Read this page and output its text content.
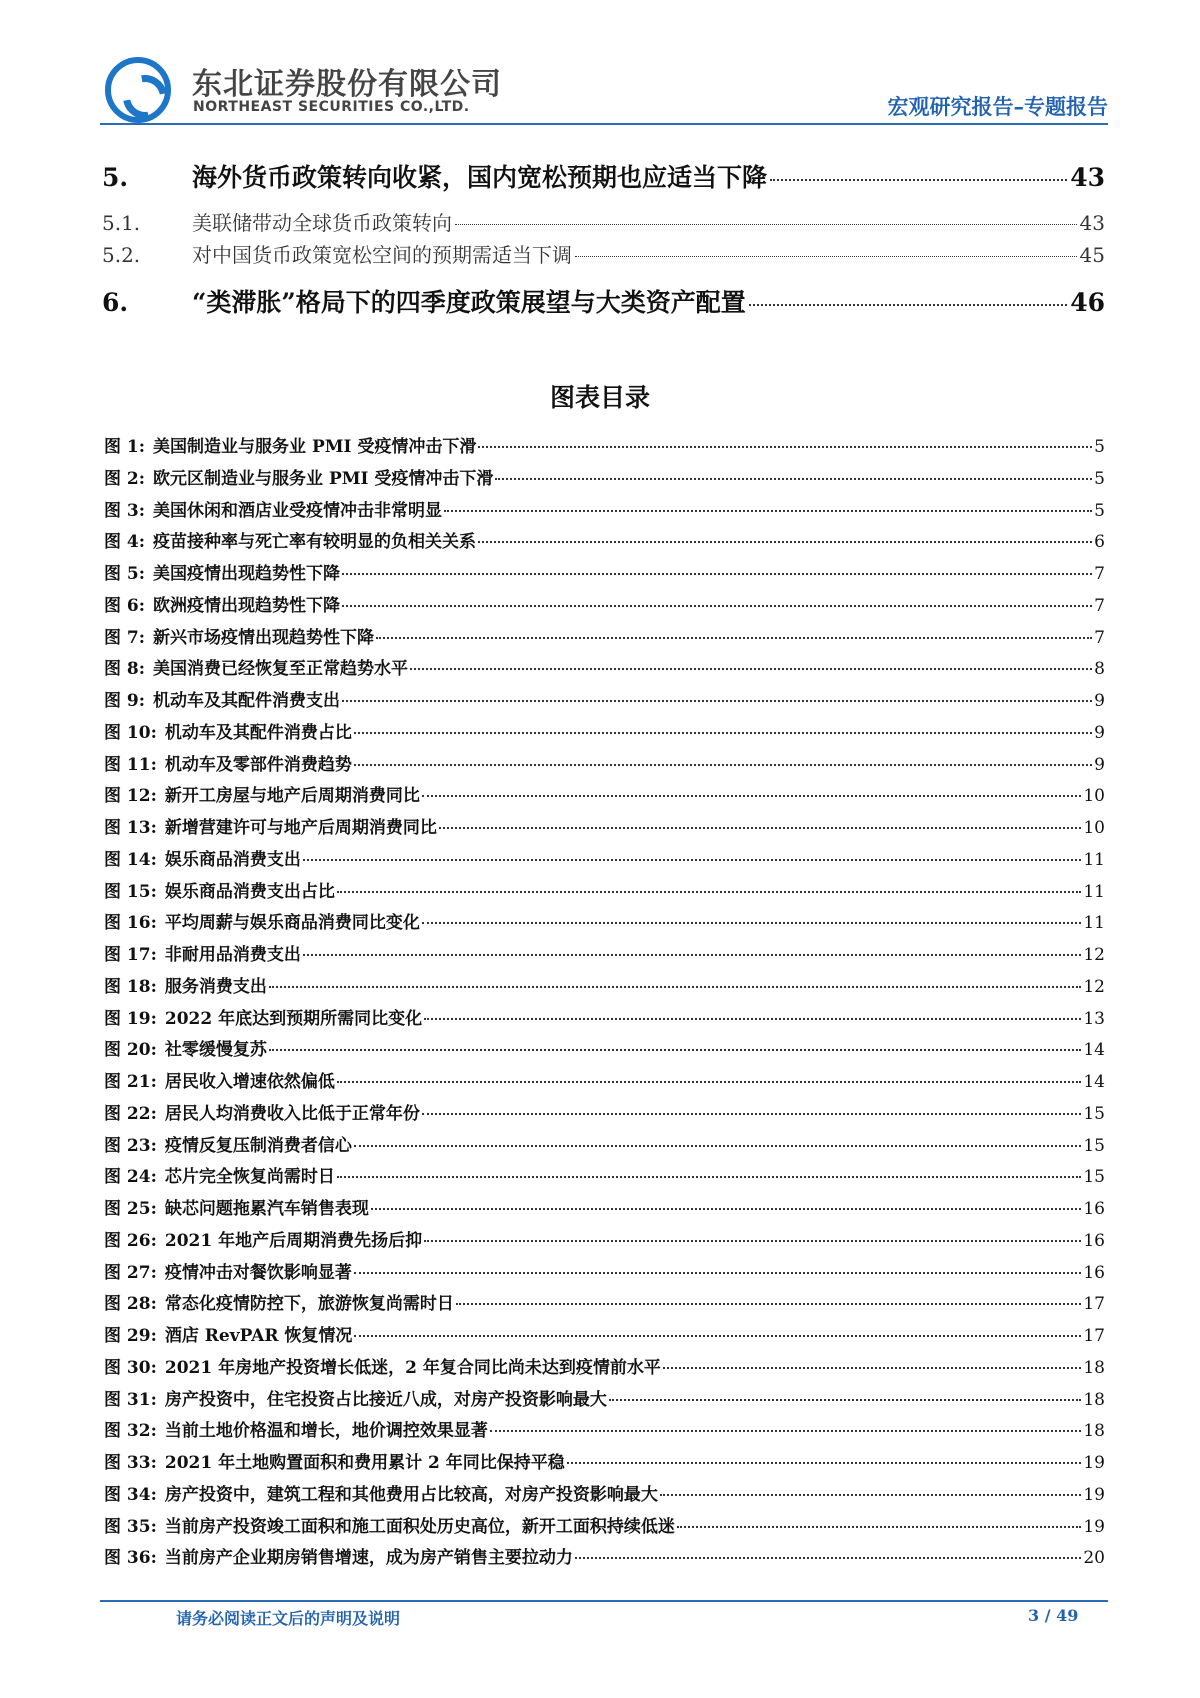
东北证券股份有限公司
NORTHEAST SECURITIES CO.,LTD.	宏观研究报告–专题报告
5.	海外货币政策转向收紧，国内宽松预期也应适当下降	43
5.1.	美联储带动全球货币政策转向	43
5.2.	对中国货币政策宽松空间的预期需适当下调	45
6.	“类滞胀”格局下的四季度政策展望与大类资产配置	46
图表目录
图 1: 美国制造业与服务业 PMI 受疫情冲击下滑	5
图 2: 欧元区制造业与服务业 PMI 受疫情冲击下滑	5
图 3: 美国休闲和酒店业受疫情冲击非常明显	5
图 4: 疫苗接种率与死亡率有较明显的负相关关系	6
图 5: 美国疫情出现趋势性下降	7
图 6: 欧洲疫情出现趋势性下降	7
图 7: 新兴市场疫情出现趋势性下降	7
图 8: 美国消费已经恢复至正常趋势水平	8
图 9: 机动车及其配件消费支出	9
图 10: 机动车及其配件消费占比	9
图 11: 机动车及零部件消费趋势	9
图 12: 新开工房屋与地产后周期消费同比	10
图 13: 新增营建许可与地产后周期消费同比	10
图 14: 娱乐商品消费支出	11
图 15: 娱乐商品消费支出占比	11
图 16: 平均周薪与娱乐商品消费同比变化	11
图 17: 非耐用品消费支出	12
图 18: 服务消费支出	12
图 19: 2022 年底达到预期所需同比变化	13
图 20: 社零缓慢复苏	14
图 21: 居民收入增速依然偏低	14
图 22: 居民人均消费收入比低于正常年份	15
图 23: 疫情反复压制消费者信心	15
图 24: 芯片完全恢复尚需时日	15
图 25: 缺芯问题拖累汽车销售表现	16
图 26: 2021 年地产后周期消费先扬后抑	16
图 27: 疫情冲击对餐饮影响显著	16
图 28: 常态化疫情防控下，旅游恢复尚需时日	17
图 29: 酒店 RevPAR 恢复情况	17
图 30: 2021 年房地产投资增长低迷，2 年复合同比尚未达到疫情前水平	18
图 31: 房产投资中，住宅投资占比接近八成，对房产投资影响最大	18
图 32: 当前土地价格温和增长，地价调控效果显著	18
图 33: 2021 年土地购置面积和费用累计 2 年同比保持平稳	19
图 34: 房产投资中，建筑工程和其他费用占比较高，对房产投资影响最大	19
图 35: 当前房产投资竣工面积和施工面积处历史高位，新开工面积持续低迷	19
图 36: 当前房产企业期房销售增速，成为房产销售主要拉动力	20
请务必阅读正文后的声明及说明	3 / 49
